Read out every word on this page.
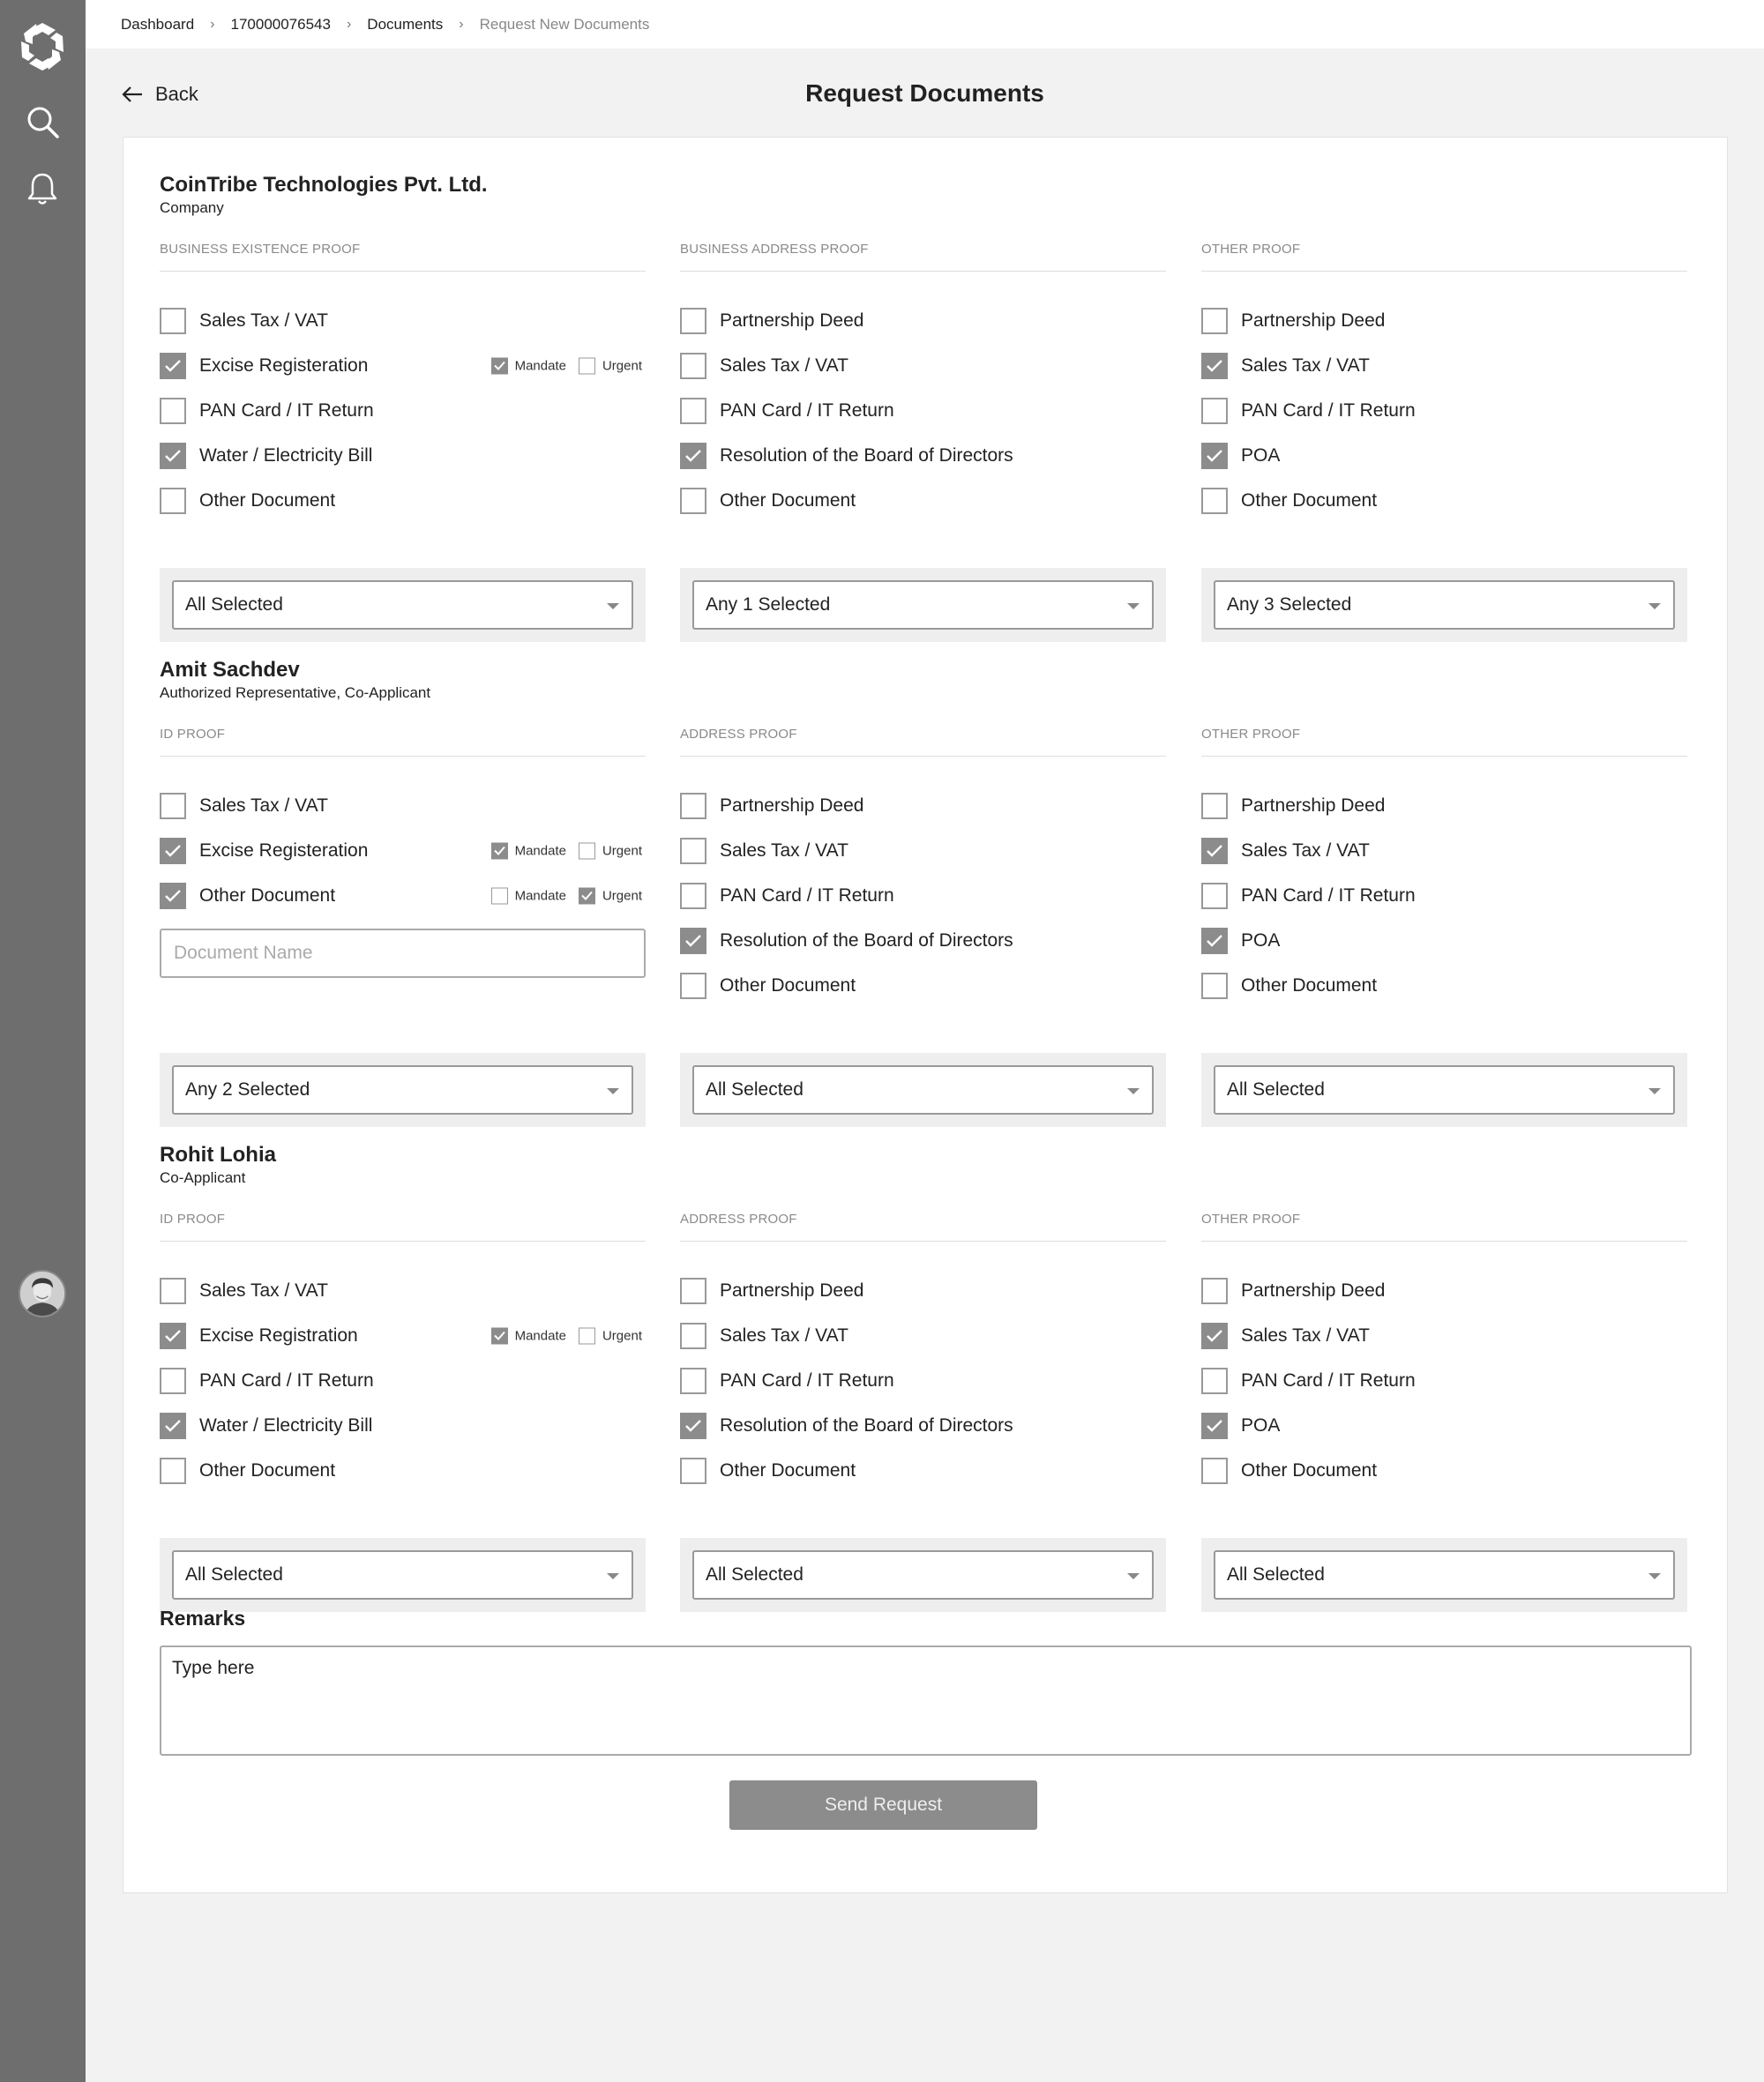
Dashboard › 170000076543 › Documents › Request New Documents
Back	Request Documents
CoinTribe Technologies Pvt. Ltd.
Company
BUSINESS EXISTENCE PROOF
Sales Tax / VAT
Excise Registeration	Mandate	Urgent
PAN Card / IT Return
Water / Electricity Bill
Other Document
All Selected
BUSINESS ADDRESS PROOF
Partnership Deed
Sales Tax / VAT
PAN Card / IT Return
Resolution of the Board of Directors
Other Document
Any 1 Selected
OTHER PROOF
Partnership Deed
Sales Tax / VAT
PAN Card / IT Return
POA
Other Document
Any 3 Selected
Amit Sachdev
Authorized Representative, Co-Applicant
ID PROOF
Sales Tax / VAT
Excise Registeration	Mandate	Urgent
Other Document	Mandate	Urgent
Document Name
Any 2 Selected
ADDRESS PROOF
Partnership Deed
Sales Tax / VAT
PAN Card / IT Return
Resolution of the Board of Directors
Other Document
All Selected
OTHER PROOF
Partnership Deed
Sales Tax / VAT
PAN Card / IT Return
POA
Other Document
All Selected
Rohit Lohia
Co-Applicant
ID PROOF
Sales Tax / VAT
Excise Registration	Mandate	Urgent
PAN Card / IT Return
Water / Electricity Bill
Other Document
All Selected
ADDRESS PROOF
Partnership Deed
Sales Tax / VAT
PAN Card / IT Return
Resolution of the Board of Directors
Other Document
All Selected
OTHER PROOF
Partnership Deed
Sales Tax / VAT
PAN Card / IT Return
POA
Other Document
All Selected
Remarks
Type here
Send Request
